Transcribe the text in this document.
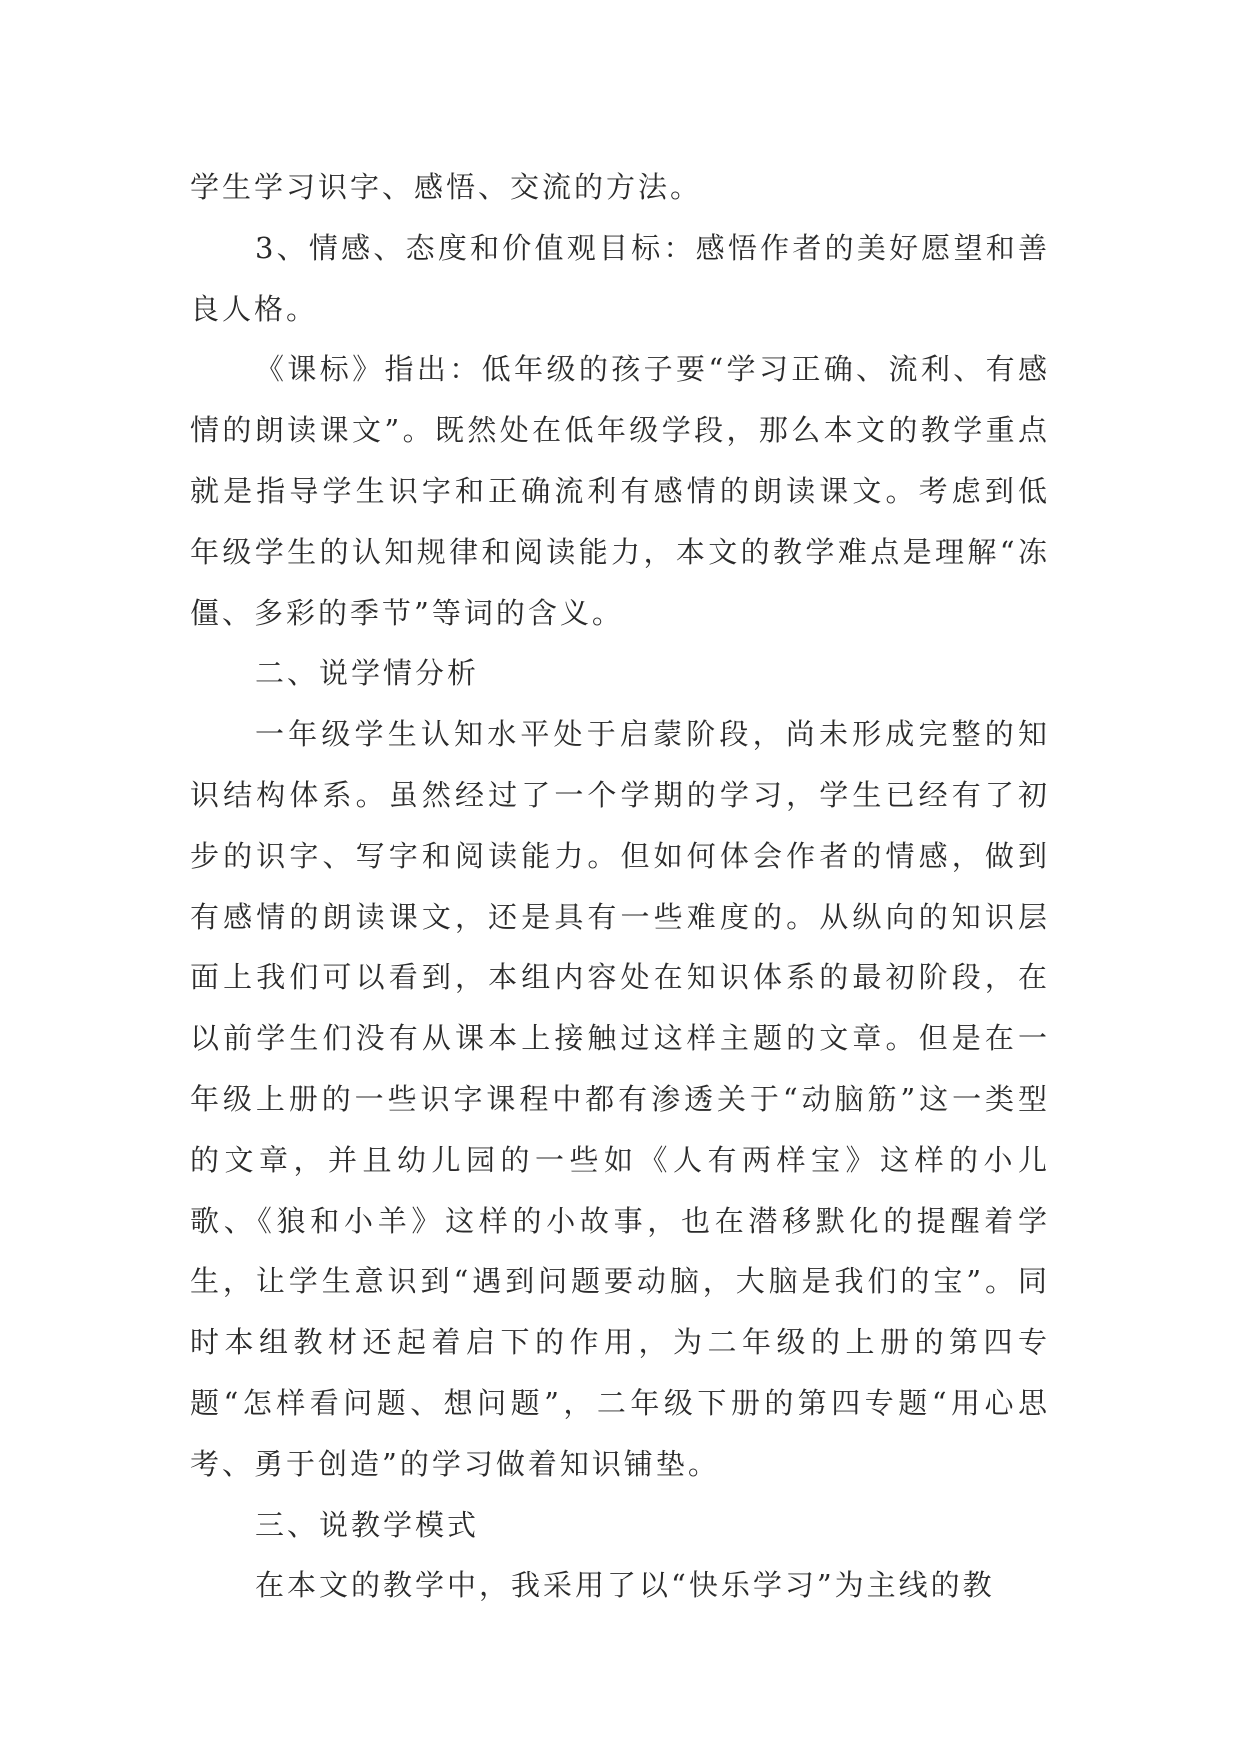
学生学习识字、感悟、交流的方法。

3、情感、态度和价值观目标：感悟作者的美好愿望和善良人格。

《课标》指出：低年级的孩子要“学习正确、流利、有感情的朗读课文”。既然处在低年级学段，那么本文的教学重点就是指导学生识字和正确流利有感情的朗读课文。考虑到低年级学生的认知规律和阅读能力，本文的教学难点是理解“冻僵、多彩的季节”等词的含义。

二、说学情分析

一年级学生认知水平处于启蒙阶段，尚未形成完整的知识结构体系。虽然经过了一个学期的学习，学生已经有了初步的识字、写字和阅读能力。但如何体会作者的情感，做到有感情的朗读课文，还是具有一些难度的。从纵向的知识层面上我们可以看到，本组内容处在知识体系的最初阶段，在以前学生们没有从课本上接触过这样主题的文章。但是在一年级上册的一些识字课程中都有渗透关于“动脑筋”这一类型的文章，并且幼儿园的一些如《人有两样宝》这样的小儿歌、《狼和小羊》这样的小故事，也在潜移默化的提醒着学生，让学生意识到“遇到问题要动脑，大脑是我们的宝”。同时本组教材还起着启下的作用，为二年级的上册的第四专题“怎样看问题、想问题”，二年级下册的第四专题“用心思考、勇于创造”的学习做着知识铺垫。

三、说教学模式

在本文的教学中，我采用了以“快乐学习”为主线的教
